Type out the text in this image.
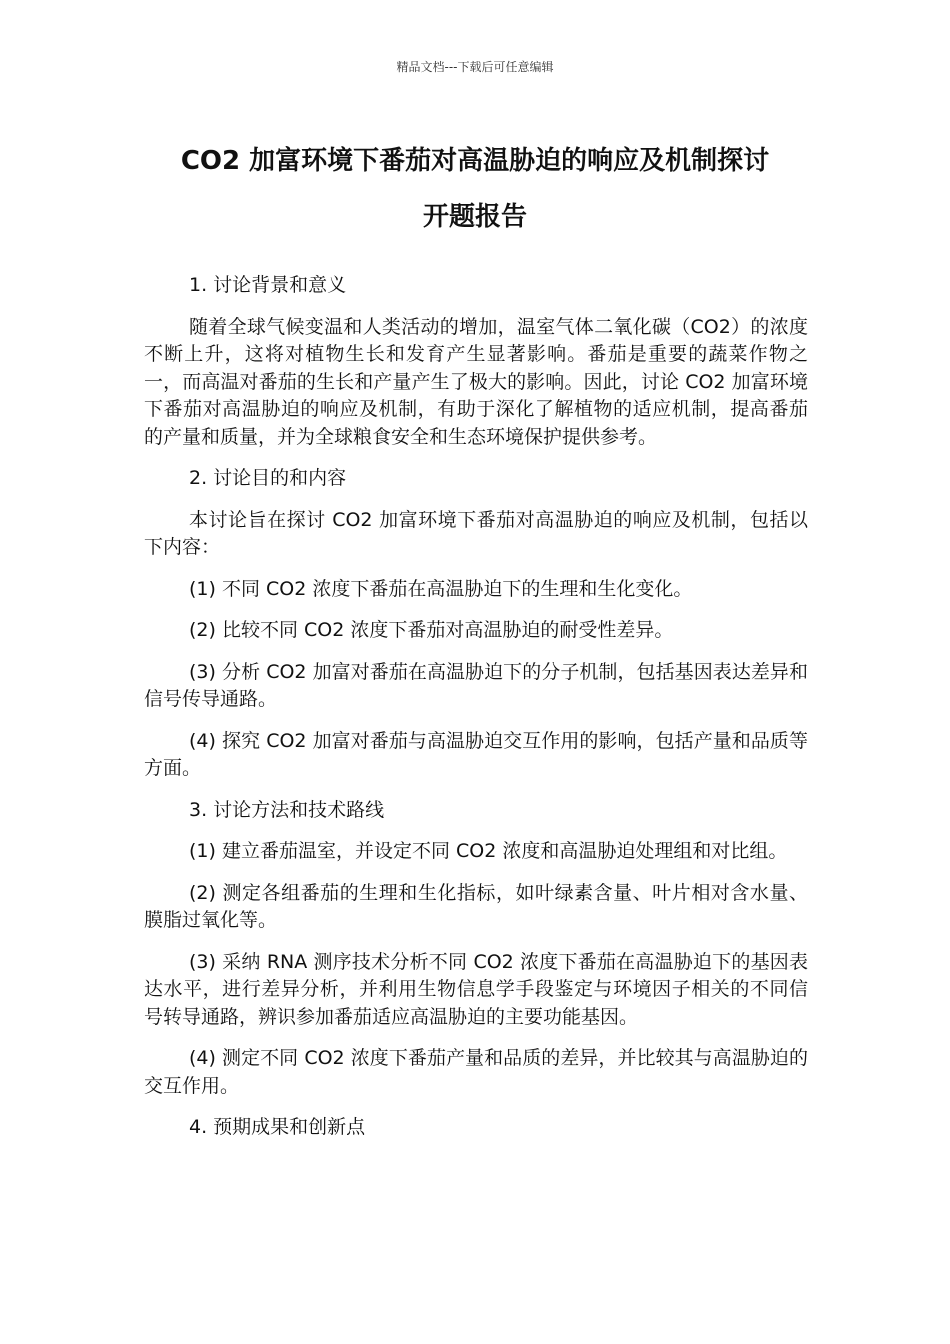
精品文档---下载后可任意编辑
CO2 加富环境下番茄对高温胁迫的响应及机制探讨
开题报告

1. 讨论背景和意义

随着全球气候变温和人类活动的增加，温室气体二氧化碳（CO2）的浓度不断上升，这将对植物生长和发育产生显著影响。番茄是重要的蔬菜作物之一，而高温对番茄的生长和产量产生了极大的影响。因此，讨论 CO2 加富环境下番茄对高温胁迫的响应及机制，有助于深化了解植物的适应机制，提高番茄的产量和质量，并为全球粮食安全和生态环境保护提供参考。

2. 讨论目的和内容

本讨论旨在探讨 CO2 加富环境下番茄对高温胁迫的响应及机制，包括以下内容：

(1) 不同 CO2 浓度下番茄在高温胁迫下的生理和生化变化。

(2) 比较不同 CO2 浓度下番茄对高温胁迫的耐受性差异。

(3) 分析 CO2 加富对番茄在高温胁迫下的分子机制，包括基因表达差异和信号传导通路。

(4) 探究 CO2 加富对番茄与高温胁迫交互作用的影响，包括产量和品质等方面。

3. 讨论方法和技术路线

(1) 建立番茄温室，并设定不同 CO2 浓度和高温胁迫处理组和对比组。

(2) 测定各组番茄的生理和生化指标，如叶绿素含量、叶片相对含水量、膜脂过氧化等。

(3) 采纳 RNA 测序技术分析不同 CO2 浓度下番茄在高温胁迫下的基因表达水平，进行差异分析，并利用生物信息学手段鉴定与环境因子相关的不同信号转导通路，辨识参加番茄适应高温胁迫的主要功能基因。

(4) 测定不同 CO2 浓度下番茄产量和品质的差异，并比较其与高温胁迫的交互作用。

4. 预期成果和创新点
